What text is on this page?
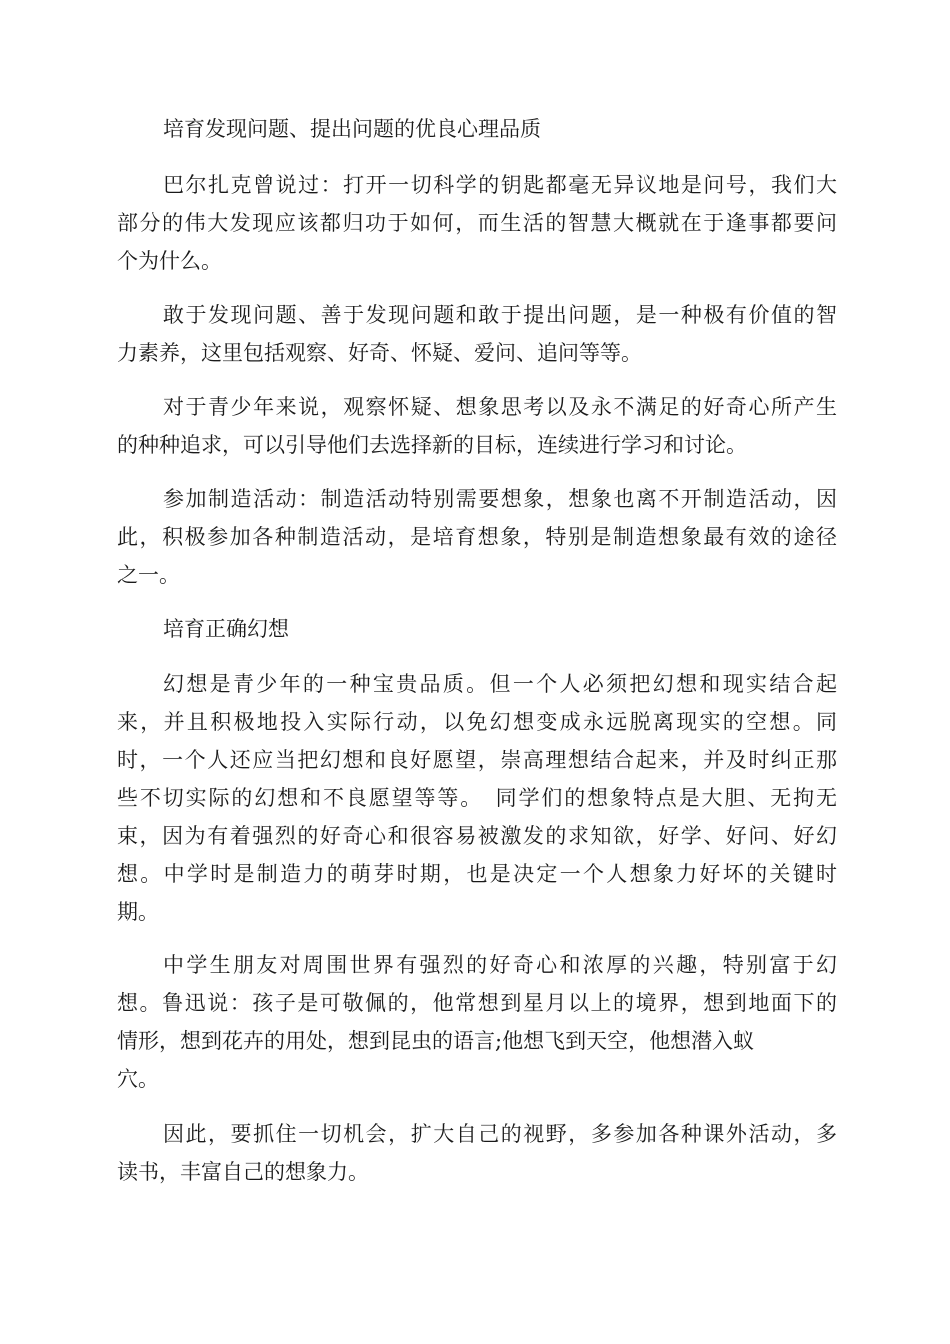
培育发现问题、提出问题的优良心理品质

巴尔扎克曾说过：打开一切科学的钥匙都毫无异议地是问号，我们大

部分的伟大发现应该都归功于如何，而生活的智慧大概就在于逢事都要问

个为什么。

敢于发现问题、善于发现问题和敢于提出问题，是一种极有价值的智

力素养，这里包括观察、好奇、怀疑、爱问、追问等等。

对于青少年来说，观察怀疑、想象思考以及永不满足的好奇心所产生

的种种追求，可以引导他们去选择新的目标，连续进行学习和讨论。

参加制造活动：制造活动特别需要想象，想象也离不开制造活动，因

此，积极参加各种制造活动，是培育想象，特别是制造想象最有效的途径

之一。

培育正确幻想

幻想是青少年的一种宝贵品质。但一个人必须把幻想和现实结合起

来，并且积极地投入实际行动，以免幻想变成永远脱离现实的空想。同

时，一个人还应当把幻想和良好愿望，崇高理想结合起来，并及时纠正那

些不切实际的幻想和不良愿望等等。　同学们的想象特点是大胆、无拘无

束，因为有着强烈的好奇心和很容易被激发的求知欲，好学、好问、好幻

想。中学时是制造力的萌芽时期，也是决定一个人想象力好坏的关键时

期。

中学生朋友对周围世界有强烈的好奇心和浓厚的兴趣，特别富于幻

想。鲁迅说：孩子是可敬佩的，他常想到星月以上的境界，想到地面下的

情形，想到花卉的用处，想到昆虫的语言;他想飞到天空，他想潜入蚁

穴。

因此，要抓住一切机会，扩大自己的视野，多参加各种课外活动，多

读书，丰富自己的想象力。
